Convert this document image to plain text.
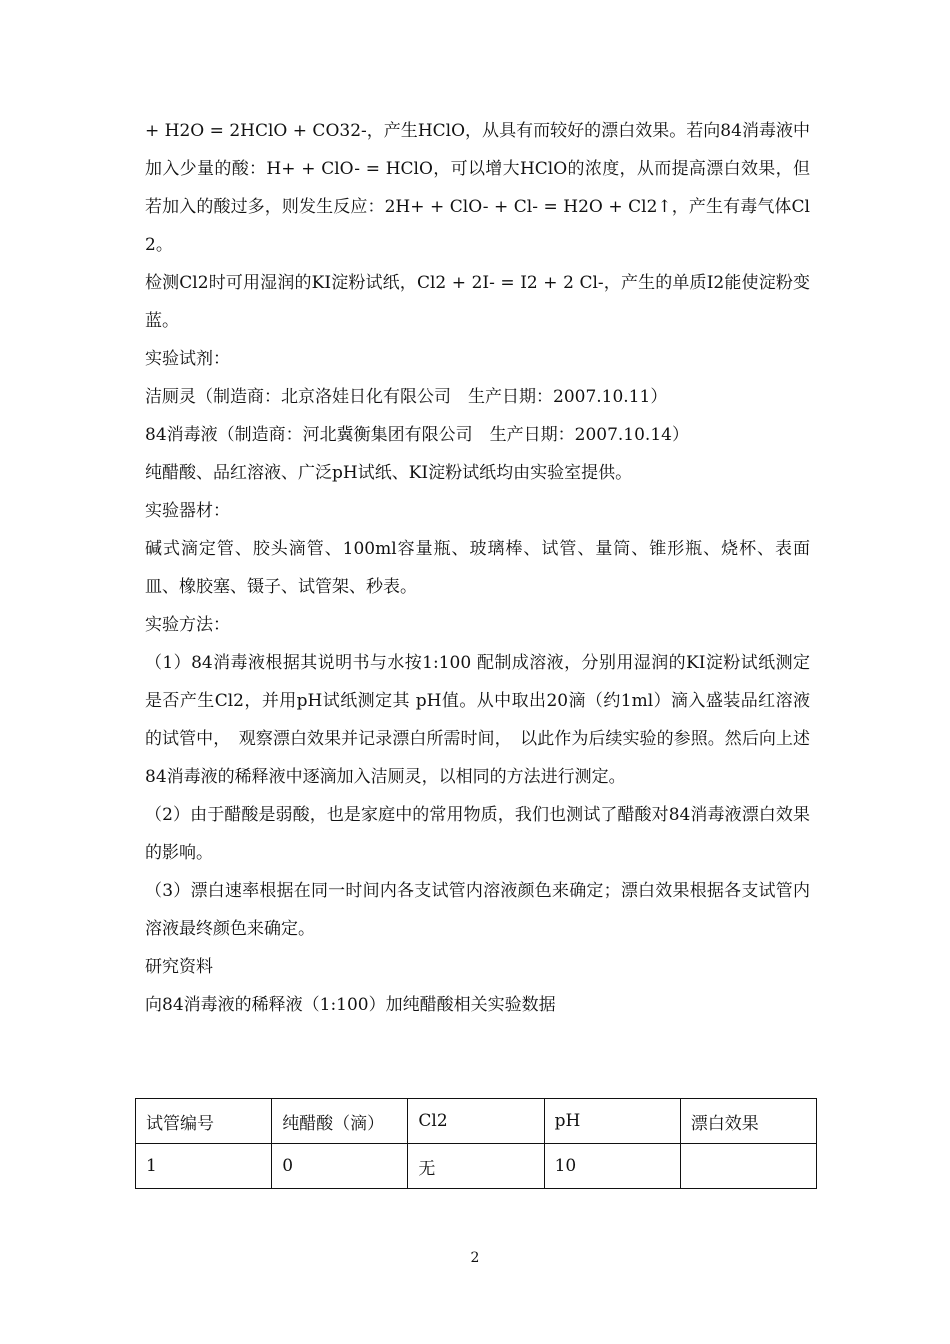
+ H2O = 2HClO + CO32-，产生HClO，从具有而较好的漂白效果。若向84消毒液中加入少量的酸：H+ + ClO- = HClO，可以增大HClO的浓度，从而提高漂白效果，但若加入的酸过多，则发生反应：2H+ + ClO- + Cl- = H2O + Cl2↑，产生有毒气体Cl2。

检测Cl2时可用湿润的KI淀粉试纸，Cl2 + 2I- = I2 + 2 Cl-，产生的单质I2能使淀粉变蓝。

实验试剂：

洁厕灵（制造商：北京洛娃日化有限公司　生产日期：2007.10.11）

84消毒液（制造商：河北冀衡集团有限公司　生产日期：2007.10.14）

纯醋酸、品红溶液、广泛pH试纸、KI淀粉试纸均由实验室提供。

实验器材：

碱式滴定管、胶头滴管、100ml容量瓶、玻璃棒、试管、量筒、锥形瓶、烧杯、表面皿、橡胶塞、镊子、试管架、秒表。

实验方法：

（1）84消毒液根据其说明书与水按1:100 配制成溶液，分别用湿润的KI淀粉试纸测定是否产生Cl2，并用pH试纸测定其 pH值。从中取出20滴（约1ml）滴入盛装品红溶液的试管中，　观察漂白效果并记录漂白所需时间，　以此作为后续实验的参照。然后向上述84消毒液的稀释液中逐滴加入洁厕灵，以相同的方法进行测定。

（2）由于醋酸是弱酸，也是家庭中的常用物质，我们也测试了醋酸对84消毒液漂白效果的影响。

（3）漂白速率根据在同一时间内各支试管内溶液颜色来确定；漂白效果根据各支试管内溶液最终颜色来确定。

研究资料

向84消毒液的稀释液（1:100）加纯醋酸相关实验数据

试管编号	纯醋酸（滴）	Cl2	pH	漂白效果
1	0	无	10	
2
